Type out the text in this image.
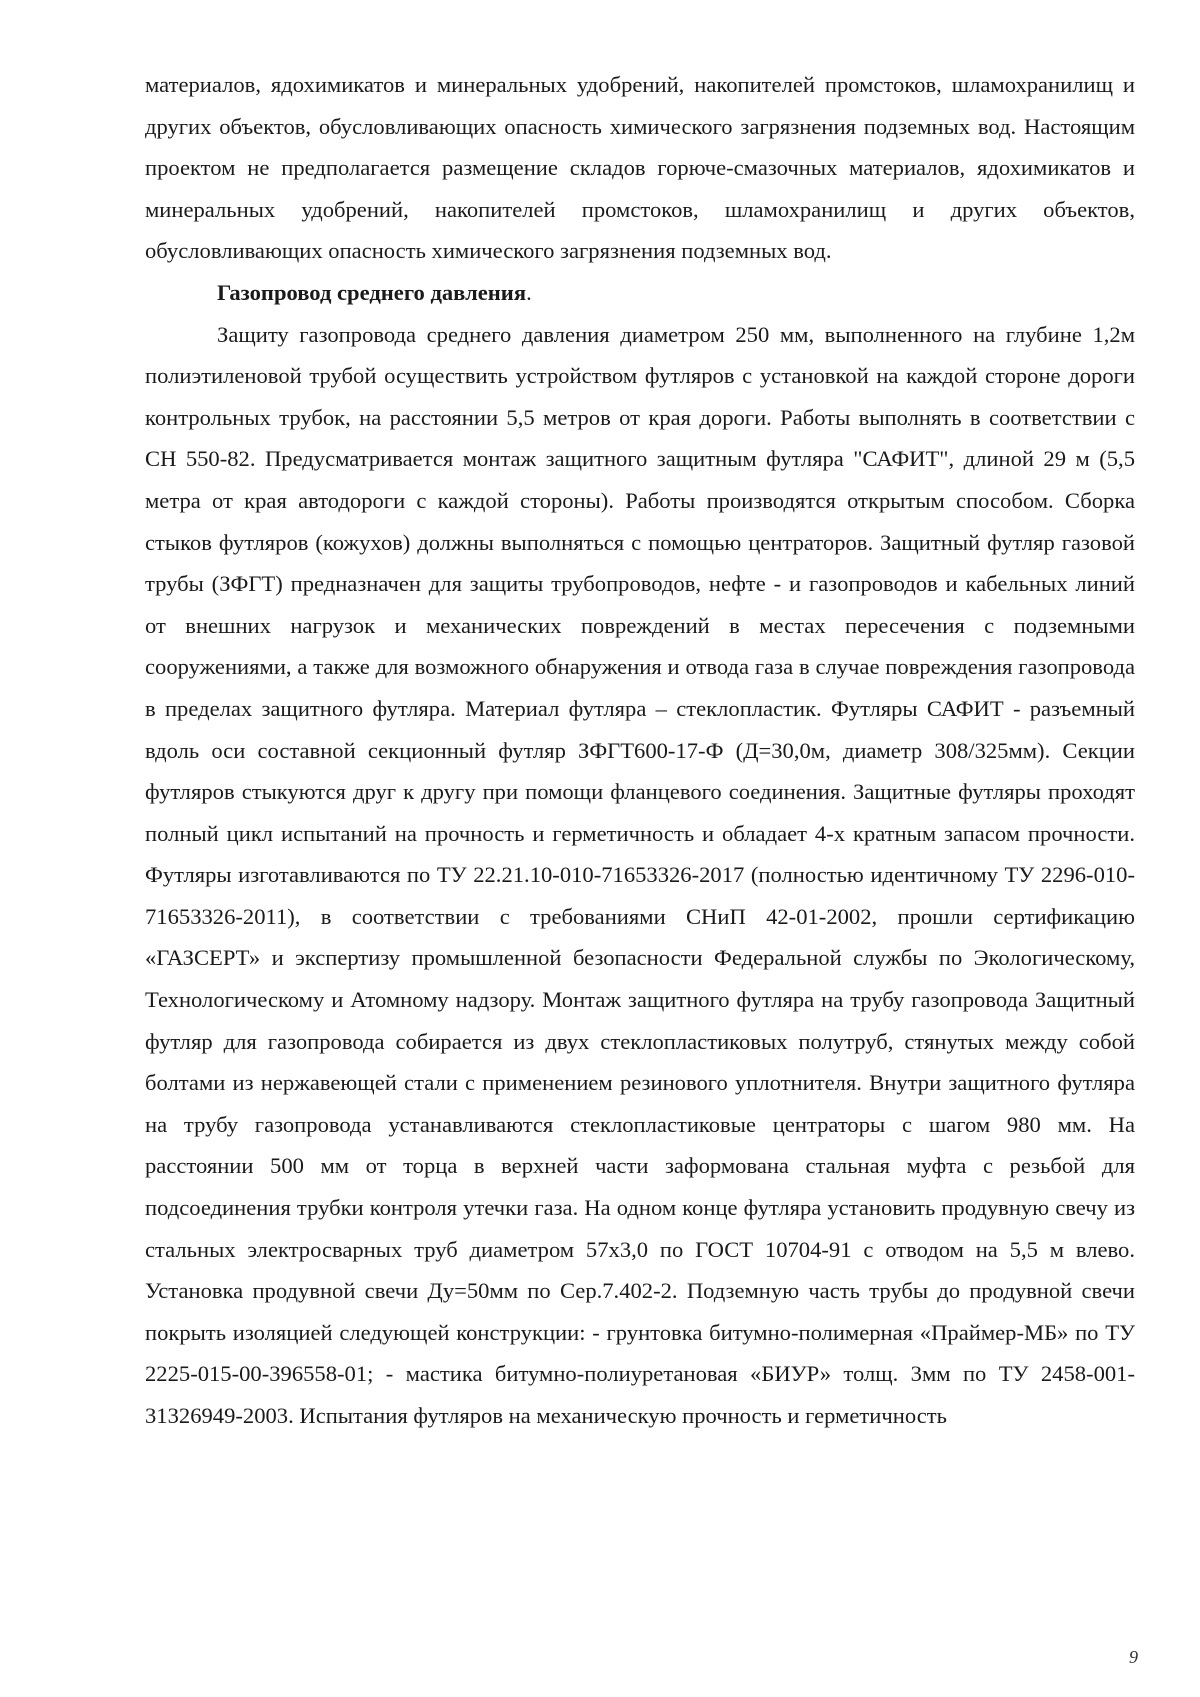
материалов, ядохимикатов и минеральных удобрений, накопителей промстоков, шламохранилищ и других объектов, обусловливающих опасность химического загрязнения подземных вод. Настоящим проектом не предполагается размещение складов горюче-смазочных материалов, ядохимикатов и минеральных удобрений, накопителей промстоков, шламохранилищ и других объектов, обусловливающих опасность химического загрязнения подземных вод.

Газопровод среднего давления.

Защиту газопровода среднего давления диаметром 250 мм, выполненного на глубине 1,2м полиэтиленовой трубой осуществить устройством футляров с установкой на каждой стороне дороги контрольных трубок, на расстоянии 5,5 метров от края дороги. Работы выполнять в соответствии с СН 550-82. Предусматривается монтаж защитного защитным футляра "САФИТ", длиной 29 м (5,5 метра от края автодороги с каждой стороны). Работы производятся открытым способом. Сборка стыков футляров (кожухов) должны выполняться с помощью центраторов. Защитный футляр газовой трубы (ЗФГТ) предназначен для защиты трубопроводов, нефте - и газопроводов и кабельных линий от внешних нагрузок и механических повреждений в местах пересечения с подземными сооружениями, а также для возможного обнаружения и отвода газа в случае повреждения газопровода в пределах защитного футляра. Материал футляра – стеклопластик. Футляры САФИТ - разъемный вдоль оси составной секционный футляр ЗФГТ600-17-Ф (Д=30,0м, диаметр 308/325мм). Секции футляров стыкуются друг к другу при помощи фланцевого соединения. Защитные футляры проходят полный цикл испытаний на прочность и герметичность и обладает 4-х кратным запасом прочности. Футляры изготавливаются по ТУ 22.21.10-010-71653326-2017 (полностью идентичному ТУ 2296-010- 71653326-2011), в соответствии с требованиями СНиП 42-01-2002, прошли сертификацию «ГАЗСЕРТ» и экспертизу промышленной безопасности Федеральной службы по Экологическому, Технологическому и Атомному надзору. Монтаж защитного футляра на трубу газопровода Защитный футляр для газопровода собирается из двух стеклопластиковых полутруб, стянутых между собой болтами из нержавеющей стали с применением резинового уплотнителя. Внутри защитного футляра на трубу газопровода устанавливаются стеклопластиковые центраторы с шагом 980 мм. На расстоянии 500 мм от торца в верхней части заформована стальная муфта с резьбой для подсоединения трубки контроля утечки газа. На одном конце футляра установить продувную свечу из стальных электросварных труб диаметром 57х3,0 по ГОСТ 10704-91 с отводом на 5,5 м влево. Установка продувной свечи Ду=50мм по Сер.7.402-2. Подземную часть трубы до продувной свечи покрыть изоляцией следующей конструкции: - грунтовка битумно-полимерная «Праймер-МБ» по ТУ 2225-015-00-396558-01; - мастика битумно-полиуретановая «БИУР» толщ. 3мм по ТУ 2458-001-31326949-2003. Испытания футляров на механическую прочность и герметичность

9
